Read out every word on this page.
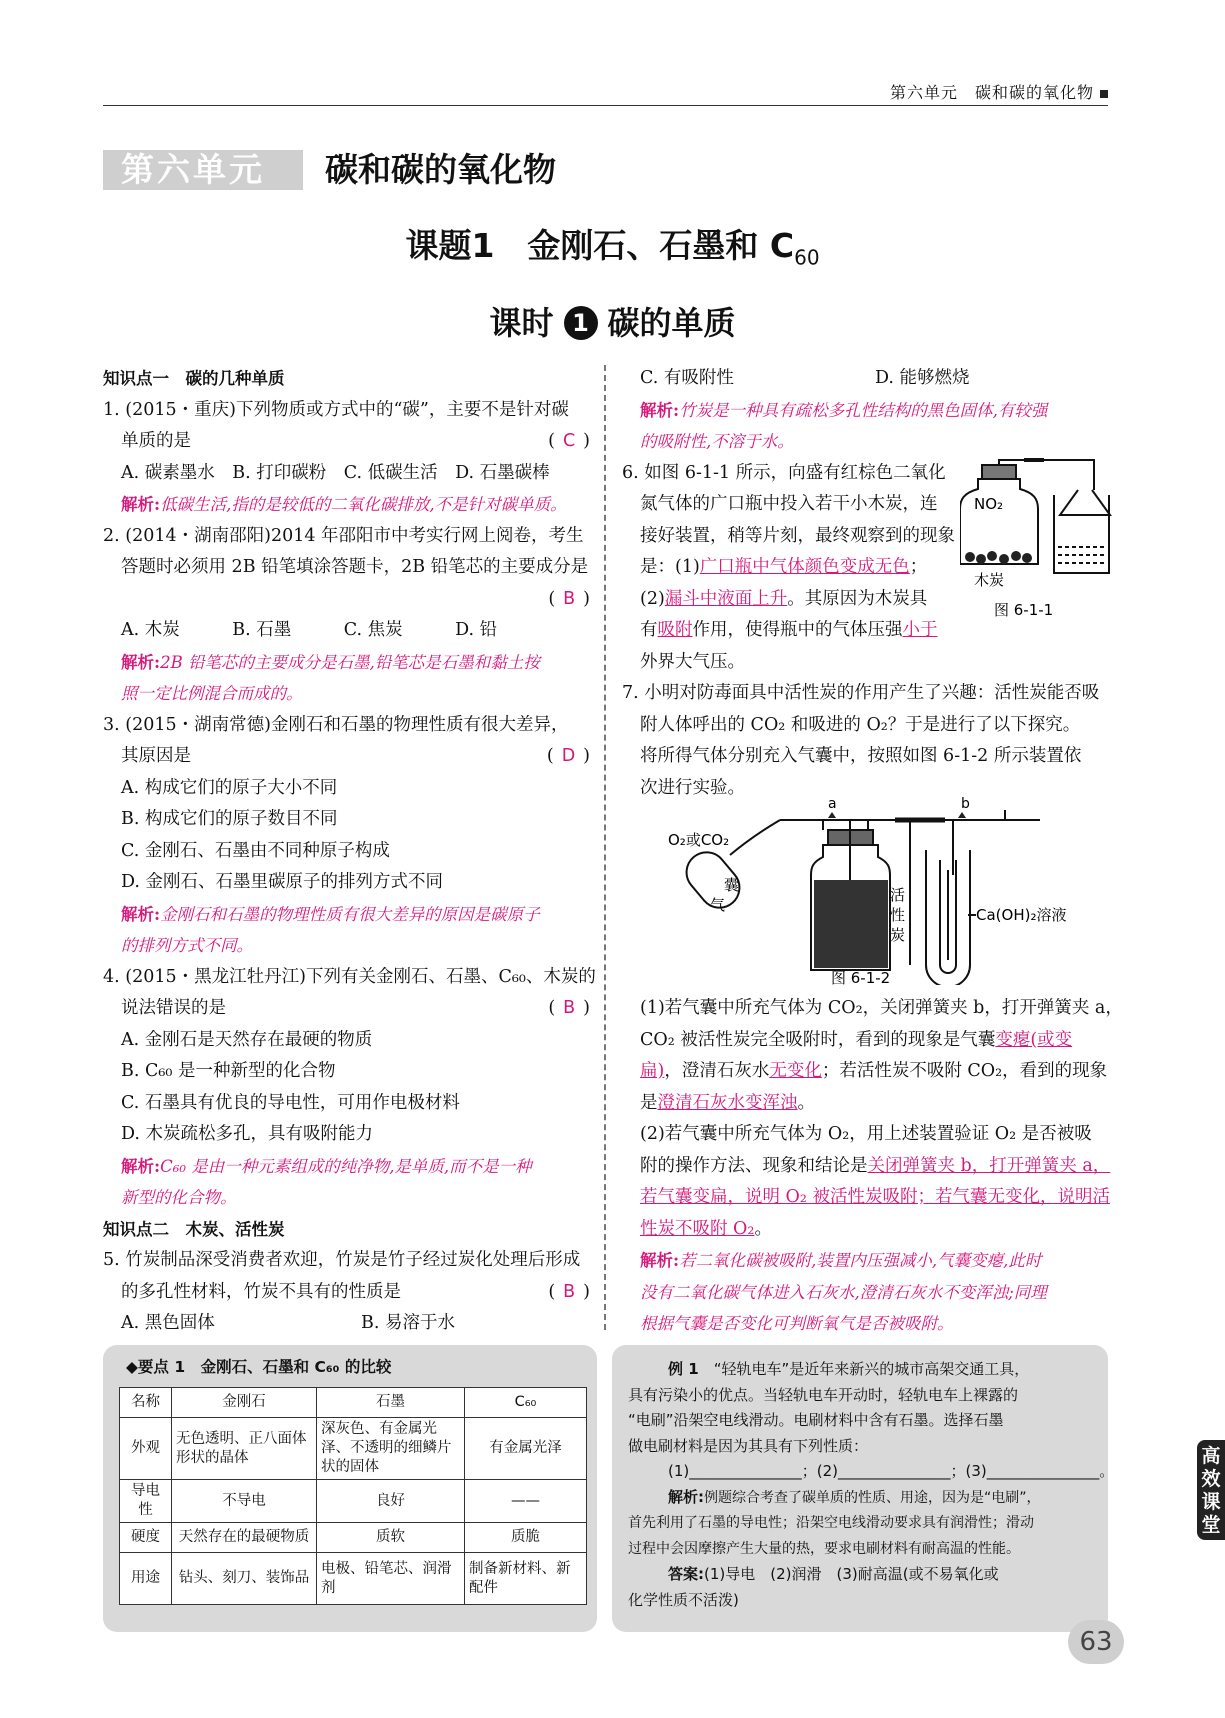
第六单元　碳和碳的氧化物
第六单元	碳和碳的氧化物
课题1　金刚石、石墨和 $C_{60}$
课时 1 碳的单质

知识点一　碳的几种单质

1. (2015・重庆)下列物质或方式中的“碳”，主要不是针对碳

单质的是	( C )

A. 碳素墨水　B. 打印碳粉　C. 低碳生活　D. 石墨碳棒

解析:低碳生活,指的是较低的二氧化碳排放,不是针对碳单质。

2. (2014・湖南邵阳)2014 年邵阳市中考实行网上阅卷，考生

答题时必须用 2B 铅笔填涂答题卡，2B 铅笔芯的主要成分是

( B )

A. 木炭　　　B. 石墨　　　C. 焦炭　　　D. 铅

解析:2B 铅笔芯的主要成分是石墨,铅笔芯是石墨和黏土按

照一定比例混合而成的。

3. (2015・湖南常德)金刚石和石墨的物理性质有很大差异，

其原因是	( D )

A. 构成它们的原子大小不同

B. 构成它们的原子数目不同

C. 金刚石、石墨由不同种原子构成

D. 金刚石、石墨里碳原子的排列方式不同

解析:金刚石和石墨的物理性质有很大差异的原因是碳原子

的排列方式不同。

4. (2015・黑龙江牡丹江)下列有关金刚石、石墨、C₆₀、木炭的

说法错误的是	( B )

A. 金刚石是天然存在最硬的物质

B. C₆₀ 是一种新型的化合物

C. 石墨具有优良的导电性，可用作电极材料

D. 木炭疏松多孔，具有吸附能力

解析:C₆₀ 是由一种元素组成的纯净物,是单质,而不是一种

新型的化合物。

知识点二　木炭、活性炭

5. 竹炭制品深受消费者欢迎，竹炭是竹子经过炭化处理后形成

的多孔性材料，竹炭不具有的性质是	( B )

A. 黑色固体	B. 易溶于水

C. 有吸附性	D. 能够燃烧

解析:竹炭是一种具有疏松多孔性结构的黑色固体,有较强

的吸附性,不溶于水。

6. 如图 6-1-1 所示，向盛有红棕色二氧化

氮气体的广口瓶中投入若干小木炭，连

接好装置，稍等片刻，最终观察到的现象

是：(1)广口瓶中气体颜色变成无色；

(2)漏斗中液面上升。其原因为木炭具

有吸附作用，使得瓶中的气体压强小于

外界大气压。

7. 小明对防毒面具中活性炭的作用产生了兴趣：活性炭能否吸

附人体呼出的 CO₂ 和吸进的 O₂？于是进行了以下探究。

将所得气体分别充入气囊中，按照如图 6-1-2 所示装置依

次进行实验。

(1)若气囊中所充气体为 CO₂，关闭弹簧夹 b，打开弹簧夹 a，

CO₂ 被活性炭完全吸附时，看到的现象是气囊变瘪(或变

扁)，澄清石灰水无变化；若活性炭不吸附 CO₂，看到的现象

是澄清石灰水变浑浊。

(2)若气囊中所充气体为 O₂，用上述装置验证 O₂ 是否被吸

附的操作方法、现象和结论是关闭弹簧夹 b，打开弹簧夹 a，

若气囊变扁，说明 O₂ 被活性炭吸附；若气囊无变化，说明活

性炭不吸附 O₂。

解析:若二氧化碳被吸附,装置内压强减小,气囊变瘪,此时

没有二氧化碳气体进入石灰水,澄清石灰水不变浑浊;同理

根据气囊是否变化可判断氧气是否被吸附。

NO₂
木炭
图 6-1-1
a	b
O₂或CO₂
囊
气
活
性
炭
Ca(OH)₂溶液
图 6-1-2

◆要点 1　金刚石、石墨和 C₆₀ 的比较

名称	金刚石	石墨	C₆₀
外观	无色透明、正八面体形状的晶体	深灰色、有金属光泽、不透明的细鳞片状的固体	有金属光泽
导电性	不导电	良好	——
硬度	天然存在的最硬物质	质软	质脆
用途	钻头、刻刀、装饰品	电极、铅笔芯、润滑剂	制备新材料、新配件

例 1　 “轻轨电车”是近年来新兴的城市高架交通工具，

具有污染小的优点。当轻轨电车开动时，轻轨电车上裸露的

“电刷”沿架空电线滑动。电刷材料中含有石墨。选择石墨

做电刷材料是因为其具有下列性质：

(1)_______________；(2)_______________；(3)_______________。

解析:例题综合考查了碳单质的性质、用途，因为是“电刷”，

首先利用了石墨的导电性；沿架空电线滑动要求具有润滑性；滑动

过程中会因摩擦产生大量的热，要求电刷材料有耐高温的性能。

答案:(1)导电　(2)润滑　(3)耐高温(或不易氧化或

化学性质不活泼)

高效课堂
63
